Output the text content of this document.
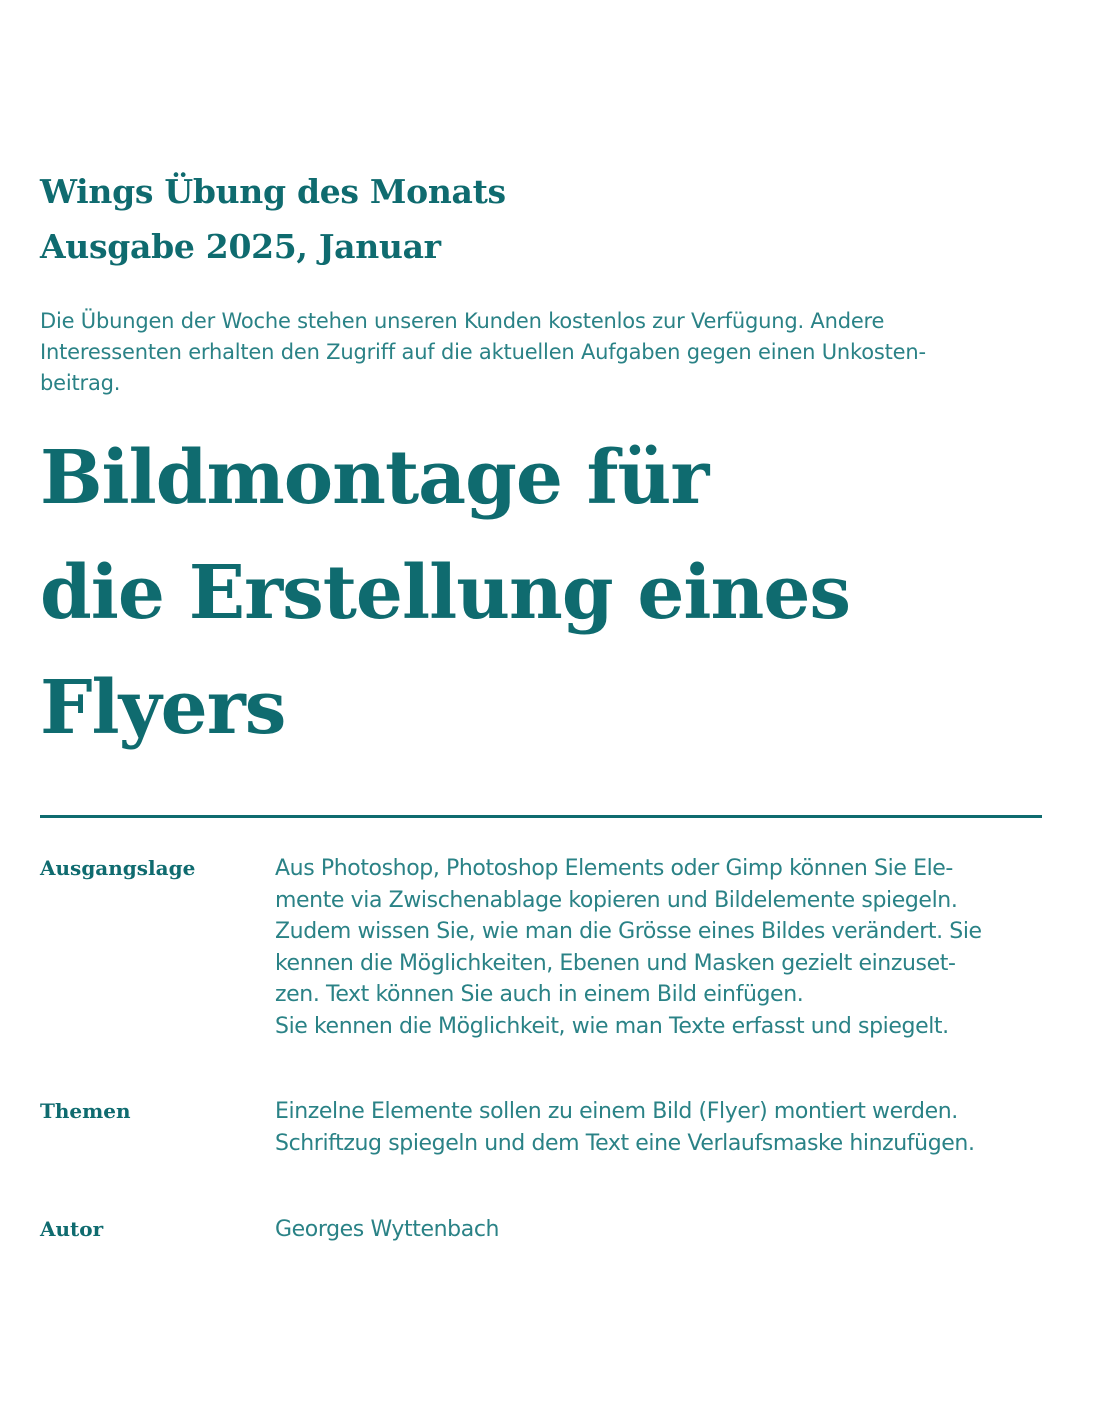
Wings Übung des Monats

Ausgabe 2025, Januar

Die Übungen der Woche stehen unseren Kunden kostenlos zur Verfügung. Andere
Interessenten erhalten den Zugriff auf die aktuellen Aufgaben gegen einen Unkosten-
beitrag.

Bildmontage für
die Erstellung eines
Flyers
Ausgangslage	Aus Photoshop, Photoshop Elements oder Gimp können Sie Ele-
mente via Zwischenablage kopieren und Bildelemente spiegeln.
Zudem wissen Sie, wie man die Grösse eines Bildes verändert. Sie
kennen die Möglichkeiten, Ebenen und Masken gezielt einzuset-
zen. Text können Sie auch in einem Bild einfügen.
Sie kennen die Möglichkeit, wie man Texte erfasst und spiegelt.
Themen	Einzelne Elemente sollen zu einem Bild (Flyer) montiert werden.
Schriftzug spiegeln und dem Text eine Verlaufsmaske hinzufügen.
Autor	Georges Wyttenbach
